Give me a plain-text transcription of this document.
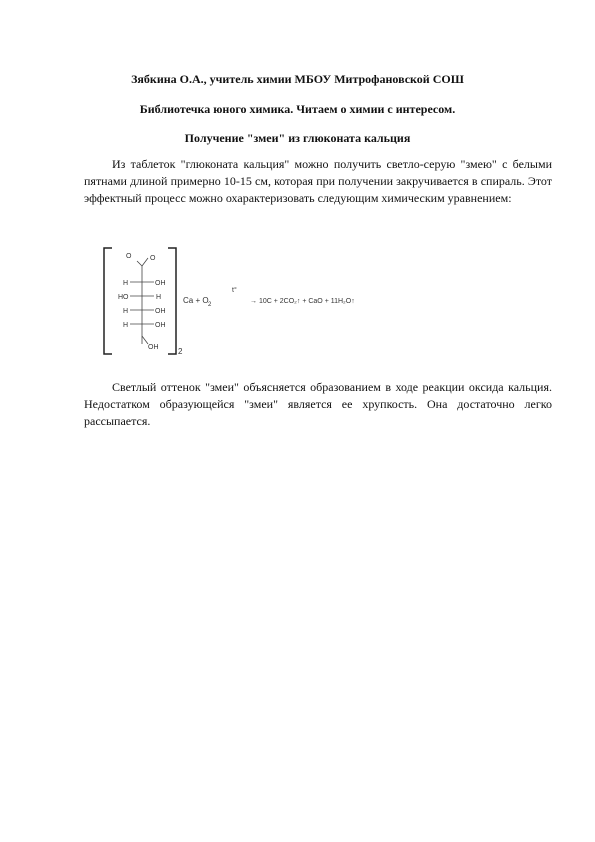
Зябкина О.А., учитель химии МБОУ Митрофановской СОШ
Библиотечка юного химика. Читаем о химии с интересом.
Получение "змеи" из глюконата кальция

Из таблеток "глюконата кальция" можно получить светло-серую "змею" с белыми пятнами длиной примерно 10-15 см, которая при получении закручивается в спираль. Этот эффектный процесс можно охарактеризовать следующим химическим уравнением:

2
O	O
H	OH
HO	H
H	OH
H	OH
OH
Ca + O 2
t°
→ 10C + 2CO₂↑ + CaO + 11H₂O↑

Светлый оттенок "змеи" объясняется образованием в ходе реакции оксида кальция. Недостатком образующейся "змеи" является ее хрупкость. Она достаточно легко рассыпается.
